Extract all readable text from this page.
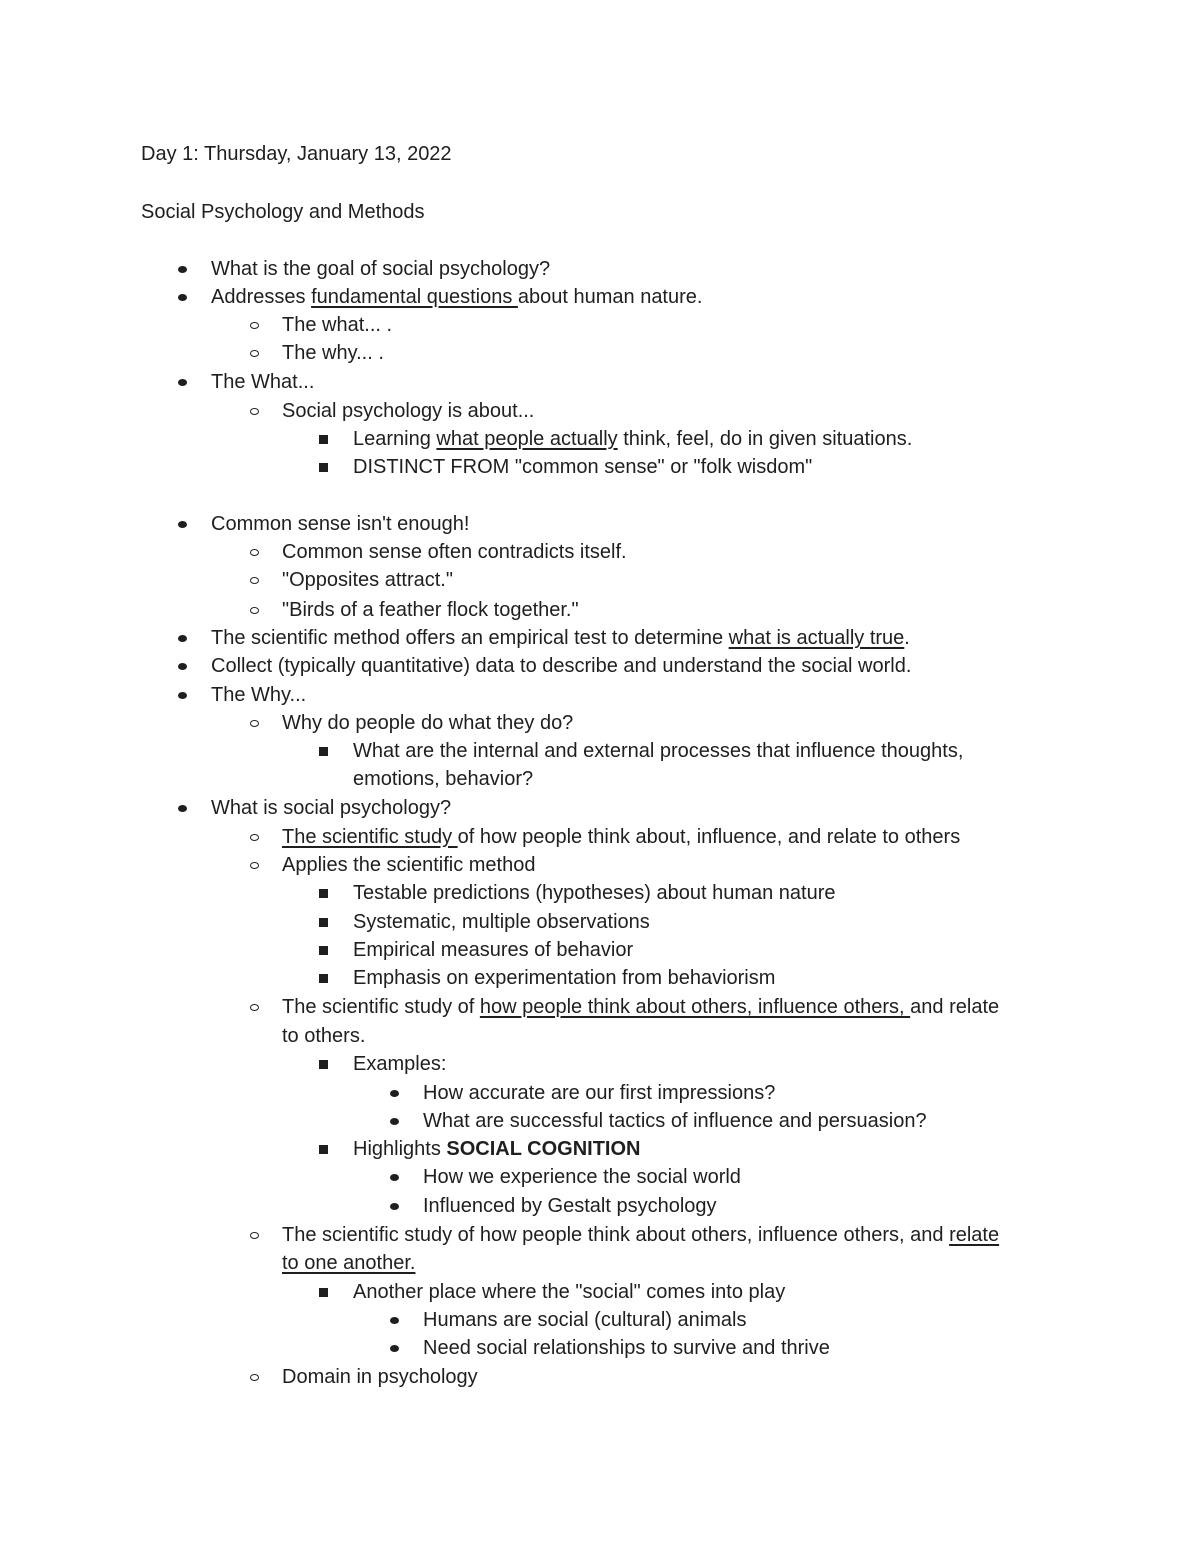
Day 1: Thursday, January 13, 2022
Social Psychology and Methods
What is the goal of social psychology?
Addresses fundamental questions about human nature.
The what... .
The why... .
The What...
Social psychology is about...
Learning what people actually think, feel, do in given situations.
DISTINCT FROM "common sense" or "folk wisdom"
Common sense isn't enough!
Common sense often contradicts itself.
"Opposites attract."
"Birds of a feather flock together."
The scientific method offers an empirical test to determine what is actually true.
Collect (typically quantitative) data to describe and understand the social world.
The Why...
Why do people do what they do?
What are the internal and external processes that influence thoughts,
emotions, behavior?
What is social psychology?
The scientific study of how people think about, influence, and relate to others
Applies the scientific method
Testable predictions (hypotheses) about human nature
Systematic, multiple observations
Empirical measures of behavior
Emphasis on experimentation from behaviorism
The scientific study of how people think about others, influence others, and relate
to others.
Examples:
How accurate are our first impressions?
What are successful tactics of influence and persuasion?
Highlights SOCIAL COGNITION
How we experience the social world
Influenced by Gestalt psychology
The scientific study of how people think about others, influence others, and relate
to one another.
Another place where the "social" comes into play
Humans are social (cultural) animals
Need social relationships to survive and thrive
Domain in psychology
